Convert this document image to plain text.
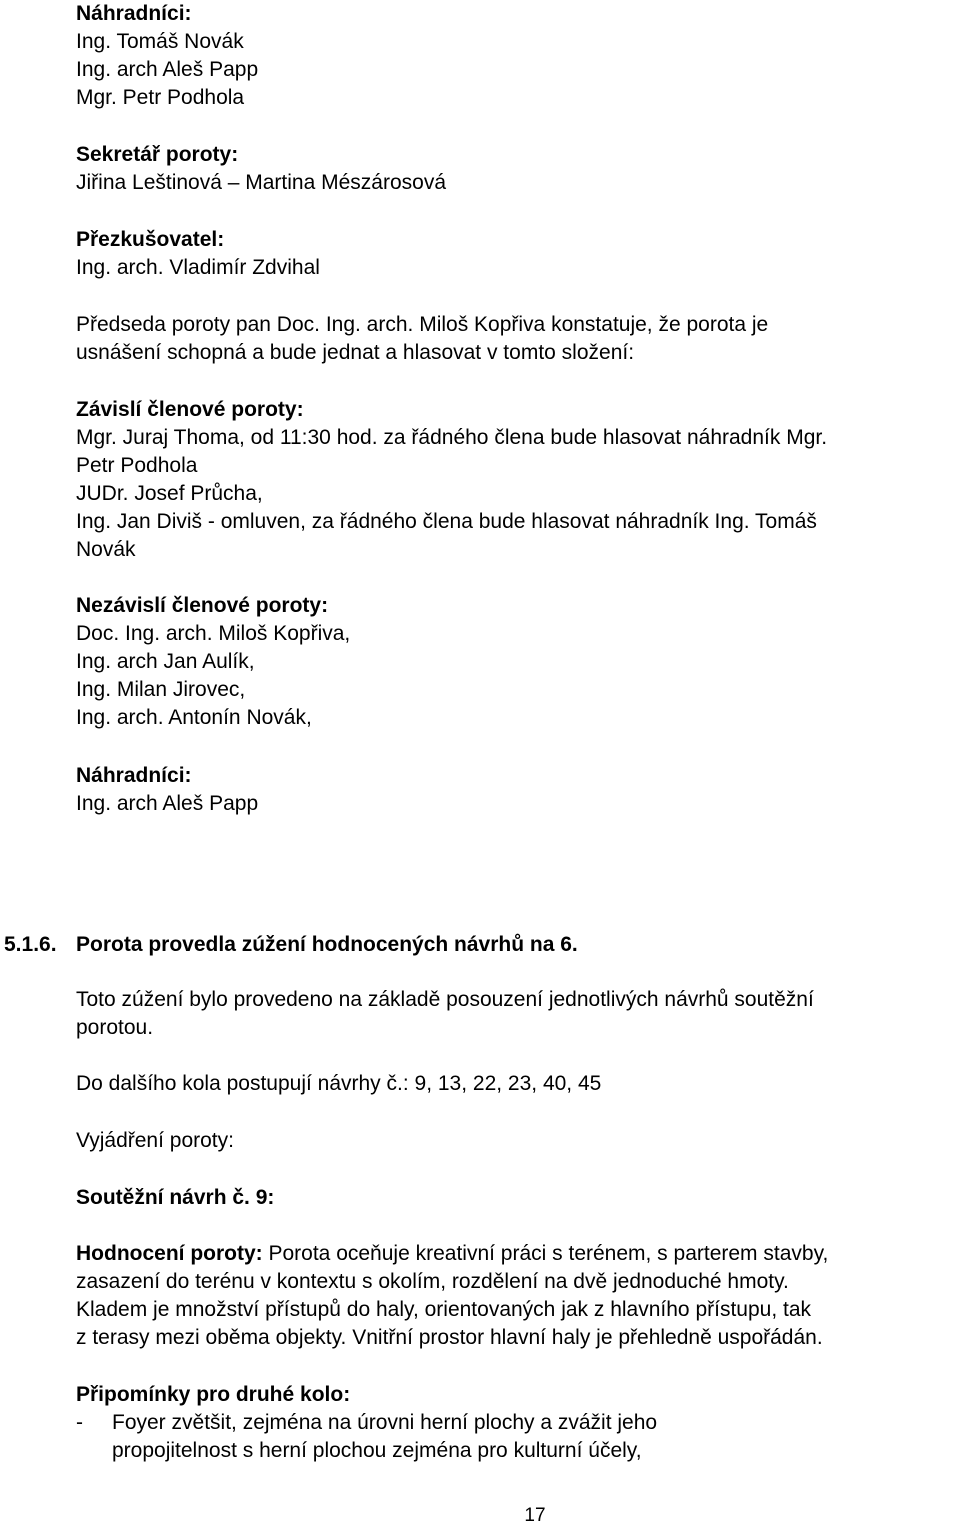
Náhradníci:
Ing. Tomáš Novák
Ing. arch Aleš Papp
Mgr. Petr Podhola
Sekretář poroty:
Jiřina Leštinová – Martina Mészárosová
Přezkušovatel:
Ing. arch. Vladimír Zdvihal
Předseda poroty pan Doc. Ing. arch. Miloš Kopřiva konstatuje, že porota je
usnášení schopná a bude jednat a hlasovat v tomto složení:
Závislí členové poroty:
Mgr. Juraj Thoma, od 11:30 hod. za řádného člena bude hlasovat náhradník Mgr.
Petr Podhola
JUDr. Josef Průcha,
Ing. Jan Diviš - omluven, za řádného člena bude hlasovat náhradník Ing. Tomáš
Novák
Nezávislí členové poroty:
Doc. Ing. arch. Miloš Kopřiva,
Ing. arch Jan Aulík,
Ing. Milan Jirovec,
Ing. arch. Antonín Novák,
Náhradníci:
Ing. arch Aleš Papp
5.1.6. Porota provedla zúžení hodnocených návrhů na 6.
Toto zúžení bylo provedeno na základě posouzení jednotlivých návrhů soutěžní
porotou.
Do dalšího kola postupují návrhy č.: 9, 13, 22, 23, 40, 45
Vyjádření poroty:
Soutěžní návrh č. 9:
Hodnocení poroty: Porota oceňuje kreativní práci s terénem, s parterem stavby,
zasazení do terénu v kontextu s okolím, rozdělení na dvě jednoduché hmoty.
Kladem je množství přístupů do haly, orientovaných jak z hlavního přístupu, tak
z terasy mezi oběma objekty. Vnitřní prostor hlavní haly je přehledně uspořádán.
Připomínky pro druhé kolo:
- Foyer zvětšit, zejména na úrovni herní plochy a zvážit jeho
propojitelnost s herní plochou zejména pro kulturní účely,
17
